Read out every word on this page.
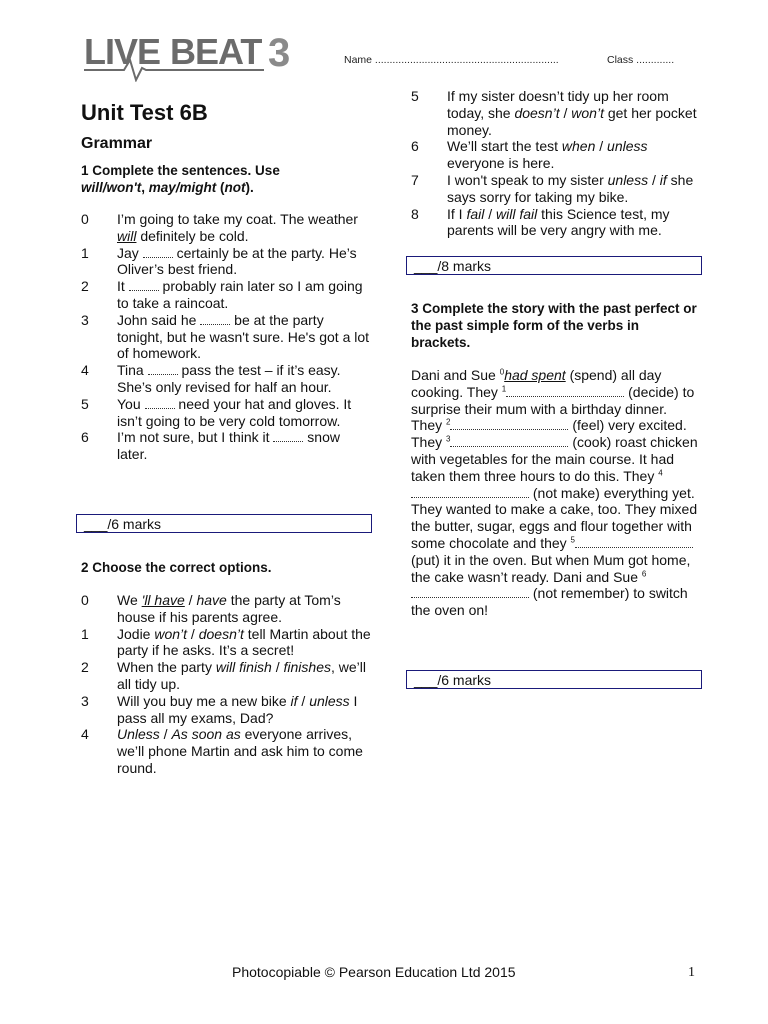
LIVE BEAT 3	Name ...............................................................	Class .............
Unit Test 6B
Grammar
1 Complete the sentences. Use
will/won't, may/might (not).
0 I’m going to take my coat. The weather will definitely be cold.
1 Jay  certainly be at the party. He’s Oliver’s best friend.
2 It  probably rain later so I am going to take a raincoat.
3 John said he  be at the party tonight, but he wasn't sure. He's got a lot of homework.
4 Tina  pass the test – if it’s easy. She’s only revised for half an hour.
5 You  need your hat and gloves. It isn’t going to be very cold tomorrow.
6 I’m not sure, but I think it  snow later.
___/6 marks
2 Choose the correct options.
0 We 'll have / have the party at Tom’s house if his parents agree.
1 Jodie won’t / doesn’t tell Martin about the party if he asks. It’s a secret!
2 When the party will finish / finishes, we’ll all tidy up.
3 Will you buy me a new bike if / unless I pass all my exams, Dad?
4 Unless / As soon as everyone arrives, we’ll phone Martin and ask him to come round.
5 If my sister doesn’t tidy up her room today, she doesn’t / won’t get her pocket money.
6 We’ll start the test when / unless everyone is here.
7 I won't speak to my sister unless / if she says sorry for taking my bike.
8 If I fail / will fail this Science test, my parents will be very angry with me.
___/8 marks
3 Complete the story with the past perfect or the past simple form of the verbs in brackets.
Dani and Sue $^0$had spent (spend) all day cooking. They $^1$	(decide) to surprise their mum with a birthday dinner. They $^2$	(feel) very excited. They $^3$	(cook) roast chicken with vegetables for the main course. It had taken them three hours to do this. They $^4$ (not make) everything yet. They wanted to make a cake, too. They mixed the butter, sugar, eggs and flour together with some chocolate and they $^5$ (put) it in the oven. But when Mum got home, the cake wasn’t ready. Dani and Sue $^6$ (not remember) to switch the oven on!
___/6 marks
Photocopiable © Pearson Education Ltd 2015	1
